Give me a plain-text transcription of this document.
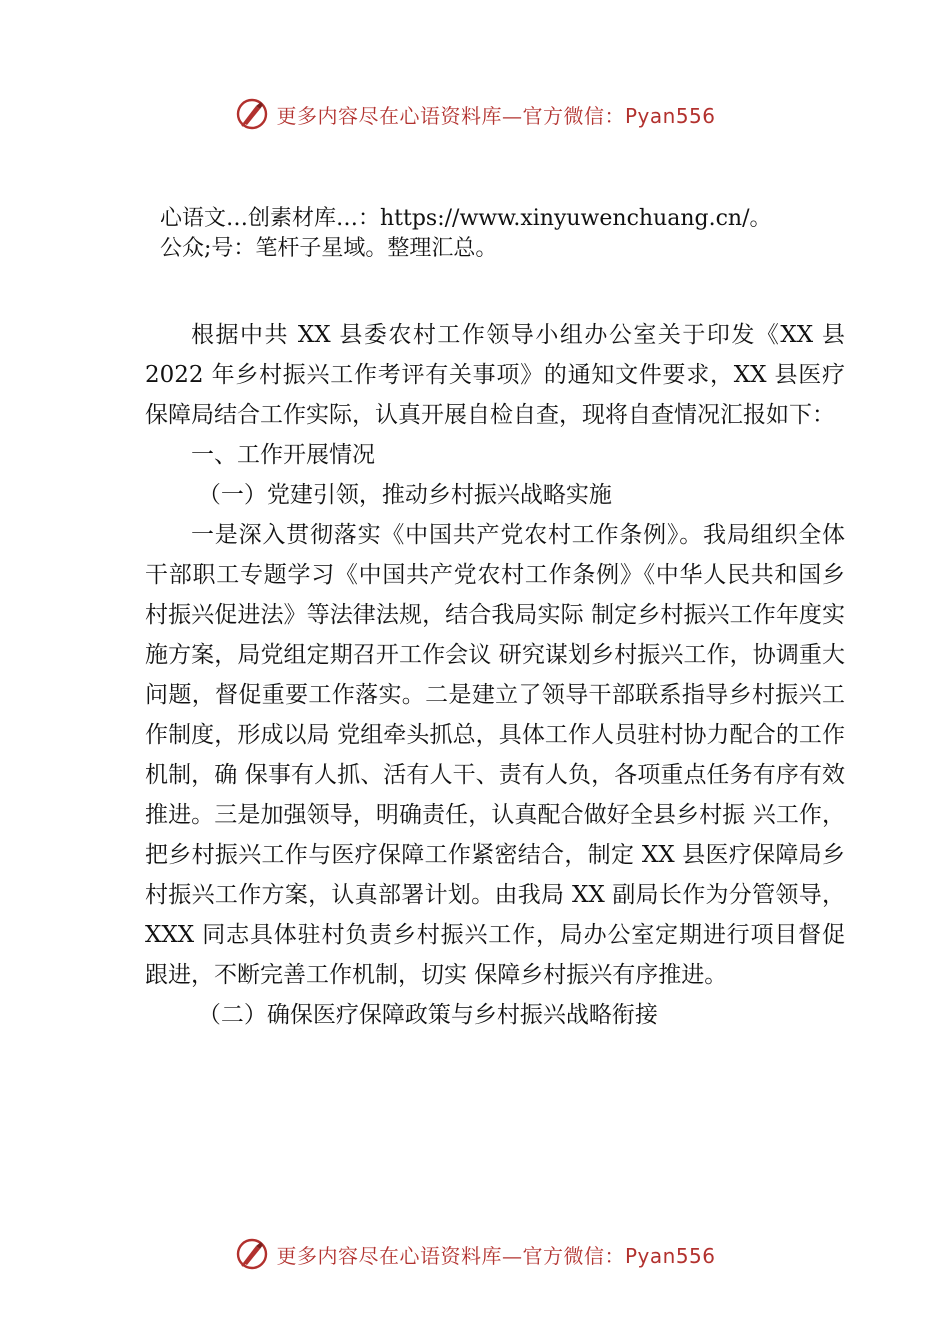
更多内容尽在心语资料库—官方微信：Pyan556
心语文…创素材库…：https://www.xinyuwenchuang.cn/。
公众;号：笔杆子星域。整理汇总。

根据中共 XX 县委农村工作领导小组办公室关于印发《XX 县 2022 年乡村振兴工作考评有关事项》的通知文件要求，XX 县医疗保障局结合工作实际，认真开展自检自查，现将自查情况汇报如下：

一、工作开展情况

（一）党建引领，推动乡村振兴战略实施

一是深入贯彻落实《中国共产党农村工作条例》。我局组织全体干部职工专题学习《中国共产党农村工作条例》《中华人民共和国乡村振兴促进法》等法律法规，结合我局实际 制定乡村振兴工作年度实施方案，局党组定期召开工作会议 研究谋划乡村振兴工作，协调重大问题，督促重要工作落实。二是建立了领导干部联系指导乡村振兴工作制度，形成以局 党组牵头抓总，具体工作人员驻村协力配合的工作机制，确 保事有人抓、活有人干、责有人负，各项重点任务有序有效 推进。三是加强领导，明确责任，认真配合做好全县乡村振 兴工作，把乡村振兴工作与医疗保障工作紧密结合，制定 XX 县医疗保障局乡村振兴工作方案，认真部署计划。由我局 XX 副局长作为分管领导，XXX 同志具体驻村负责乡村振兴工作，局办公室定期进行项目督促跟进，不断完善工作机制，切实 保障乡村振兴有序推进。

（二）确保医疗保障政策与乡村振兴战略衔接

更多内容尽在心语资料库—官方微信：Pyan556
